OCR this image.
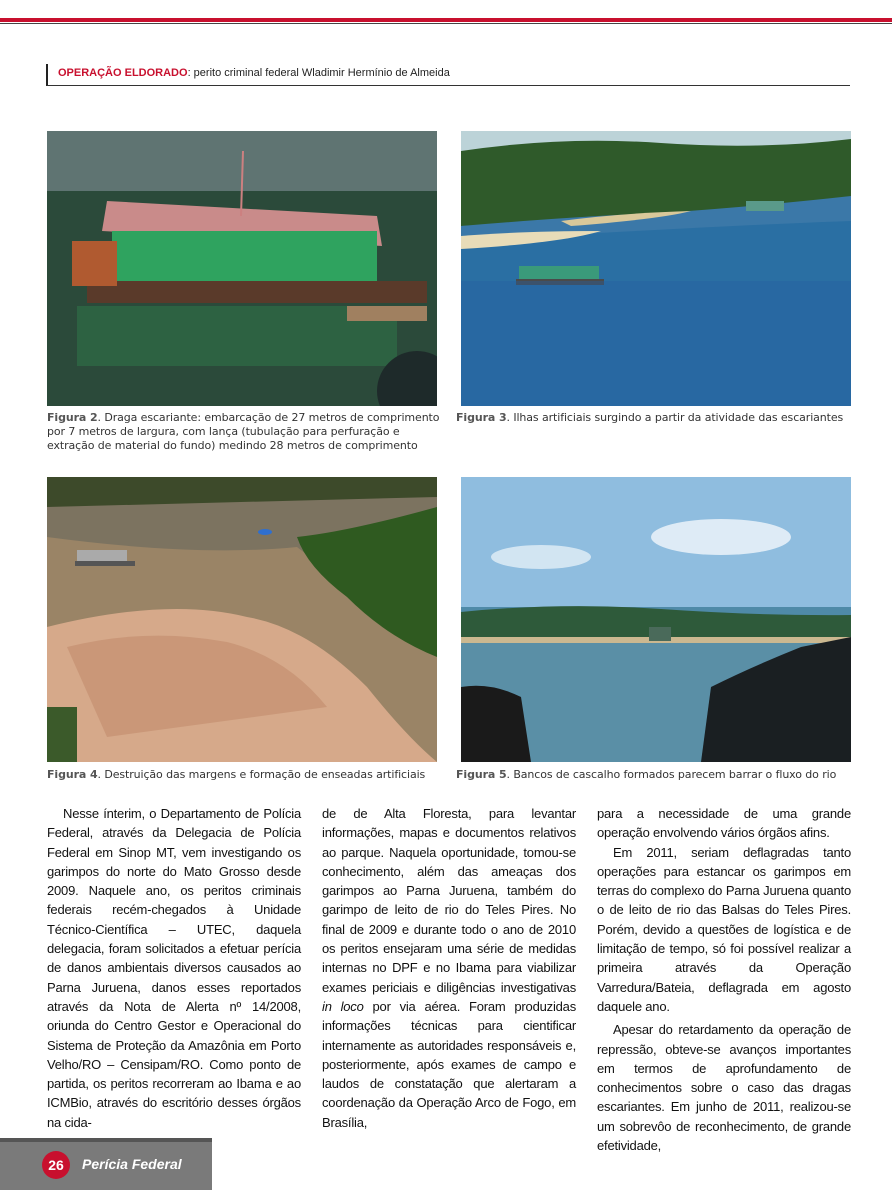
OPERAÇÃO ELDORADO: perito criminal federal Wladimir Hermínio de Almeida
Figura 2. Draga escariante: embarcação de 27 metros de comprimento por 7 metros de largura, com lança (tubulação para perfuração e extração de material do fundo) medindo 28 metros de comprimento
Figura 3. Ilhas artificiais surgindo a partir da atividade das escariantes
Figura 4. Destruição das margens e formação de enseadas artificiais	Figura 5. Bancos de cascalho formados parecem barrar o fluxo do rio

Nesse ínterim, o Departamento de Polícia Federal, através da Delegacia de Polícia Federal em Sinop MT, vem investigando os garimpos do norte do Mato Grosso desde 2009. Naquele ano, os peritos criminais federais recém-chegados à Unidade Técnico-Científica – UTEC, daquela delegacia, foram solicitados a efetuar perícia de danos ambientais diversos causados ao Parna Juruena, danos esses reportados através da Nota de Alerta nº 14/2008, oriunda do Centro Gestor e Operacional do Sistema de Proteção da Amazônia em Porto Velho/RO – Censipam/RO. Como ponto de partida, os peritos recorreram ao Ibama e ao ICMBio, através do escritório desses órgãos na cida-

de de Alta Floresta, para levantar informações, mapas e documentos relativos ao parque. Naquela oportunidade, tomou-se conhecimento, além das ameaças dos garimpos ao Parna Juruena, também do garimpo de leito de rio do Teles Pires. No final de 2009 e durante todo o ano de 2010 os peritos ensejaram uma série de medidas internas no DPF e no Ibama para viabilizar exames periciais e diligências investigativas in loco por via aérea. Foram produzidas informações técnicas para cientificar internamente as autoridades responsáveis e, posteriormente, após exames de campo e laudos de constatação que alertaram a coordenação da Operação Arco de Fogo, em Brasília,

para a necessidade de uma grande operação envolvendo vários órgãos afins.

Em 2011, seriam deflagradas tanto operações para estancar os garimpos em terras do complexo do Parna Juruena quanto o de leito de rio das Balsas do Teles Pires. Porém, devido a questões de logística e de limitação de tempo, só foi possível realizar a primeira através da Operação Varredura/Bateia, deflagrada em agosto daquele ano.

Apesar do retardamento da operação de repressão, obteve-se avanços importantes em termos de aprofundamento de conhecimentos sobre o caso das dragas escariantes. Em junho de 2011, realizou-se um sobrevôo de reconhecimento, de grande efetividade,

26	Perícia Federal
